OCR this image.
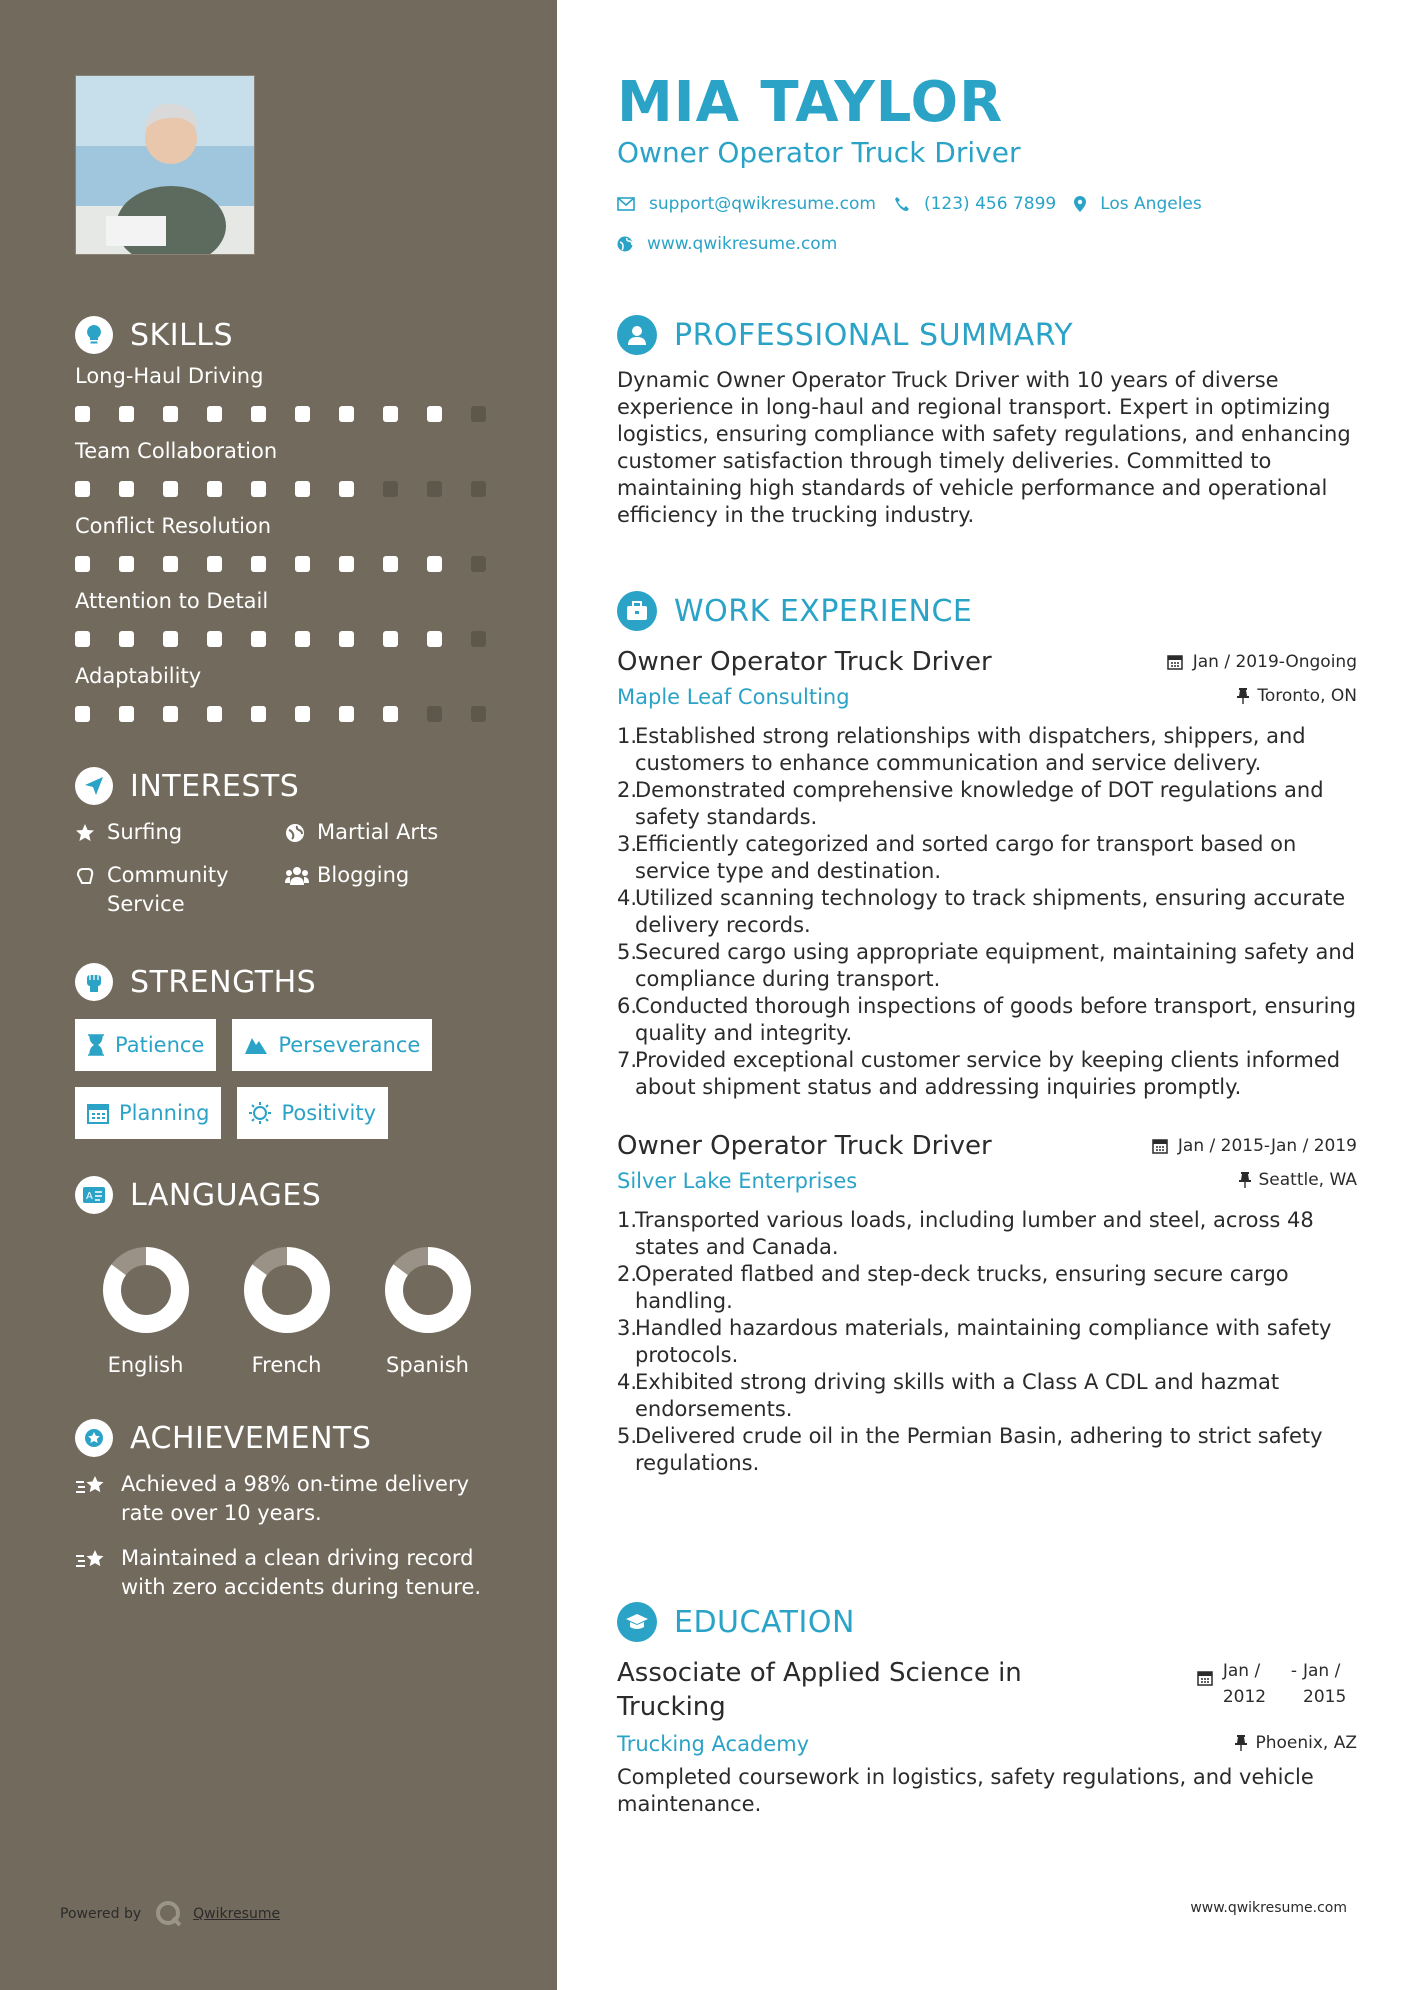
SKILLS
Long-Haul Driving
Team Collaboration
Conflict Resolution
Attention to Detail
Adaptability
INTERESTS
Surfing	Martial Arts
Community Service
Blogging
STRENGTHS
Patience	Perseverance
Planning	Positivity
A LANGUAGES
English	French	Spanish
ACHIEVEMENTS
Achieved a 98% on-time delivery rate over 10 years.
Maintained a clean driving record with zero accidents during tenure.
Powered by	Qwikresume
MIA TAYLOR
Owner Operator Truck Driver
support@qwikresume.com	(123) 456 7899	Los Angeles
www.qwikresume.com
PROFESSIONAL SUMMARY
Dynamic Owner Operator Truck Driver with 10 years of diverse experience in long-haul and regional transport. Expert in optimizing logistics, ensuring compliance with safety regulations, and enhancing customer satisfaction through timely deliveries. Committed to maintaining high standards of vehicle performance and operational efficiency in the trucking industry.
WORK EXPERIENCE
Owner Operator Truck Driver	Jan / 2019-Ongoing
Maple Leaf Consulting	Toronto, ON
Established strong relationships with dispatchers, shippers, and customers to enhance communication and service delivery.
Demonstrated comprehensive knowledge of DOT regulations and safety standards.
Efficiently categorized and sorted cargo for transport based on service type and destination.
Utilized scanning technology to track shipments, ensuring accurate delivery records.
Secured cargo using appropriate equipment, maintaining safety and compliance during transport.
Conducted thorough inspections of goods before transport, ensuring quality and integrity.
Provided exceptional customer service by keeping clients informed about shipment status and addressing inquiries promptly.
Owner Operator Truck Driver	Jan / 2015-Jan / 2019
Silver Lake Enterprises	Seattle, WA
Transported various loads, including lumber and steel, across 48 states and Canada.
Operated flatbed and step-deck trucks, ensuring secure cargo handling.
Handled hazardous materials, maintaining compliance with safety protocols.
Exhibited strong driving skills with a Class A CDL and hazmat endorsements.
Delivered crude oil in the Permian Basin, adhering to strict safety regulations.
EDUCATION
Associate of Applied Science in Trucking
Jan / 2012
- Jan / 2015
Trucking Academy	Phoenix, AZ
Completed coursework in logistics, safety regulations, and vehicle maintenance.
www.qwikresume.com
